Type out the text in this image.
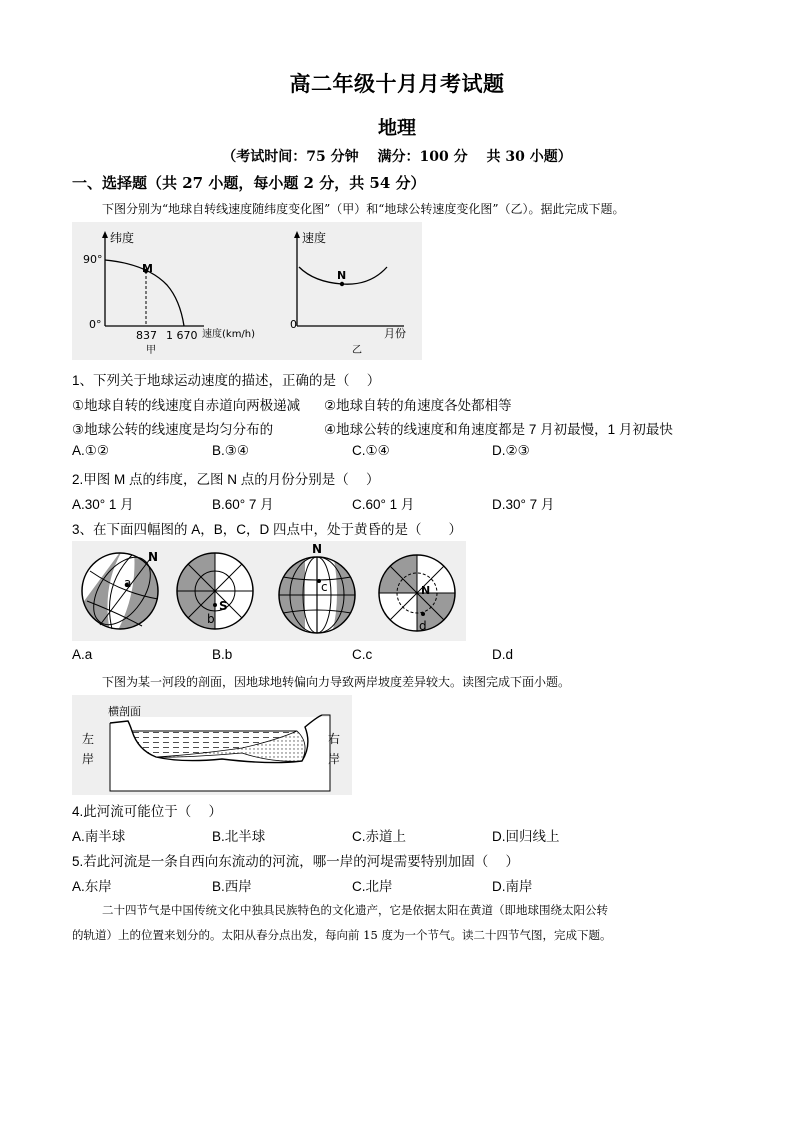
高二年级十月月考试题
地理
（考试时间：75 分钟　 满分：100 分　 共 30 小题）
一、选择题（共 27 小题，每小题 2 分，共 54 分）
下图分别为“地球自转线速度随纬度变化图”（甲）和“地球公转速度变化图”（乙）。据此完成下题。
纬度
90°
0°
M
837 1 670 速度(km/h)
甲
速度
0
N
月份
乙
1、下列关于地球运动速度的描述，正确的是（　 ）
①地球自转的线速度自赤道向两极递减 ②地球自转的角速度各处都相等
③地球公转的线速度是均匀分布的	④地球公转的线速度和角速度都是 7 月初最慢，1 月初最快
A.①②	B.③④	C.①④	D.②③
2.甲图 M 点的纬度，乙图 N 点的月份分别是（　 ）
A.30° 1 月	B.60° 7 月	C.60° 1 月	D.30° 7 月
3、在下面四幅图的 A，B，C，D 四点中，处于黄昏的是（　　）
N
a
S
b
N
c	N
d
A.a	B.b	C.c	D.d
下图为某一河段的剖面，因地球地转偏向力导致两岸坡度差异较大。读图完成下面小题。
横剖面
左
岸
右
岸
4.此河流可能位于（　 ）
A.南半球	B.北半球	C.赤道上	D.回归线上
5.若此河流是一条自西向东流动的河流，哪一岸的河堤需要特别加固（　 ）
A.东岸	B.西岸	C.北岸	D.南岸
二十四节气是中国传统文化中独具民族特色的文化遗产，它是依据太阳在黄道（即地球围绕太阳公转
的轨道）上的位置来划分的。太阳从春分点出发，每向前 15 度为一个节气。读二十四节气图，完成下题。
